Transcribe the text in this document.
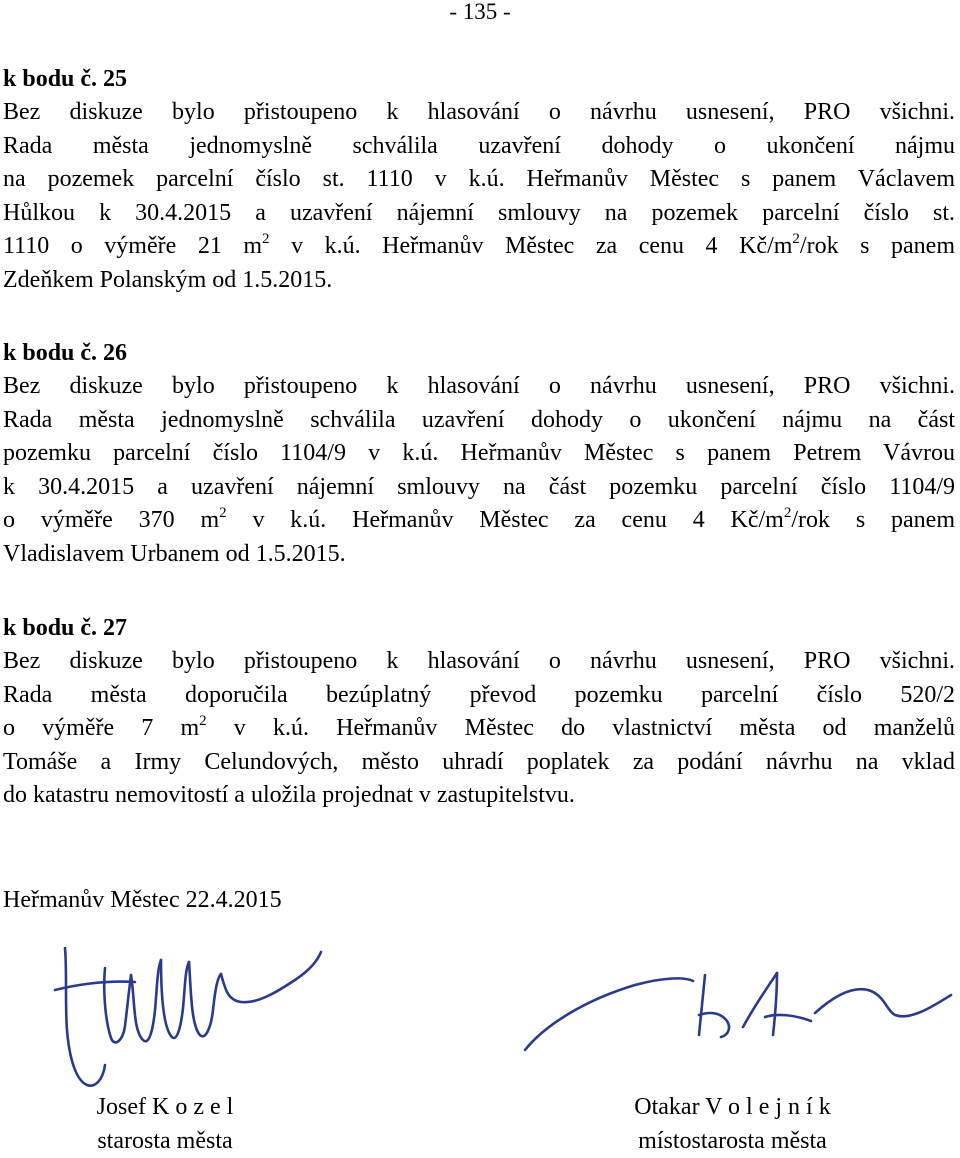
- 135 -
k bodu č. 25
Bez diskuze bylo přistoupeno k hlasování o návrhu usnesení, PRO všichni.
Rada města jednomyslně schválila uzavření dohody o ukončení nájmu
na pozemek parcelní číslo st. 1110 v k.ú. Heřmanův Městec s panem Václavem
Hůlkou k 30.4.2015 a uzavření nájemní smlouvy na pozemek parcelní číslo st.
1110 o výměře 21 $m^2$ v k.ú. Heřmanův Městec za cenu 4 $Kč/m^2$/rok s panem
Zdeňkem Polanským od 1.5.2015.
k bodu č. 26
Bez diskuze bylo přistoupeno k hlasování o návrhu usnesení, PRO všichni.
Rada města jednomyslně schválila uzavření dohody o ukončení nájmu na část
pozemku parcelní číslo 1104/9 v k.ú. Heřmanův Městec s panem Petrem Vávrou
k 30.4.2015 a uzavření nájemní smlouvy na část pozemku parcelní číslo 1104/9
o výměře 370 $m^2$ v k.ú. Heřmanův Městec za cenu 4 $Kč/m^2$/rok s panem
Vladislavem Urbanem od 1.5.2015.
k bodu č. 27
Bez diskuze bylo přistoupeno k hlasování o návrhu usnesení, PRO všichni.
Rada města doporučila bezúplatný převod pozemku parcelní číslo 520/2
o výměře 7 $m^2$ v k.ú. Heřmanův Městec do vlastnictví města od manželů
Tomáše a Irmy Celundových, město uhradí poplatek za podání návrhu na vklad
do katastru nemovitostí a uložila projednat v zastupitelstvu.
Heřmanův Městec 22.4.2015
Josef K o z e l
starosta města
Otakar V o l e j n í k
místostarosta města
